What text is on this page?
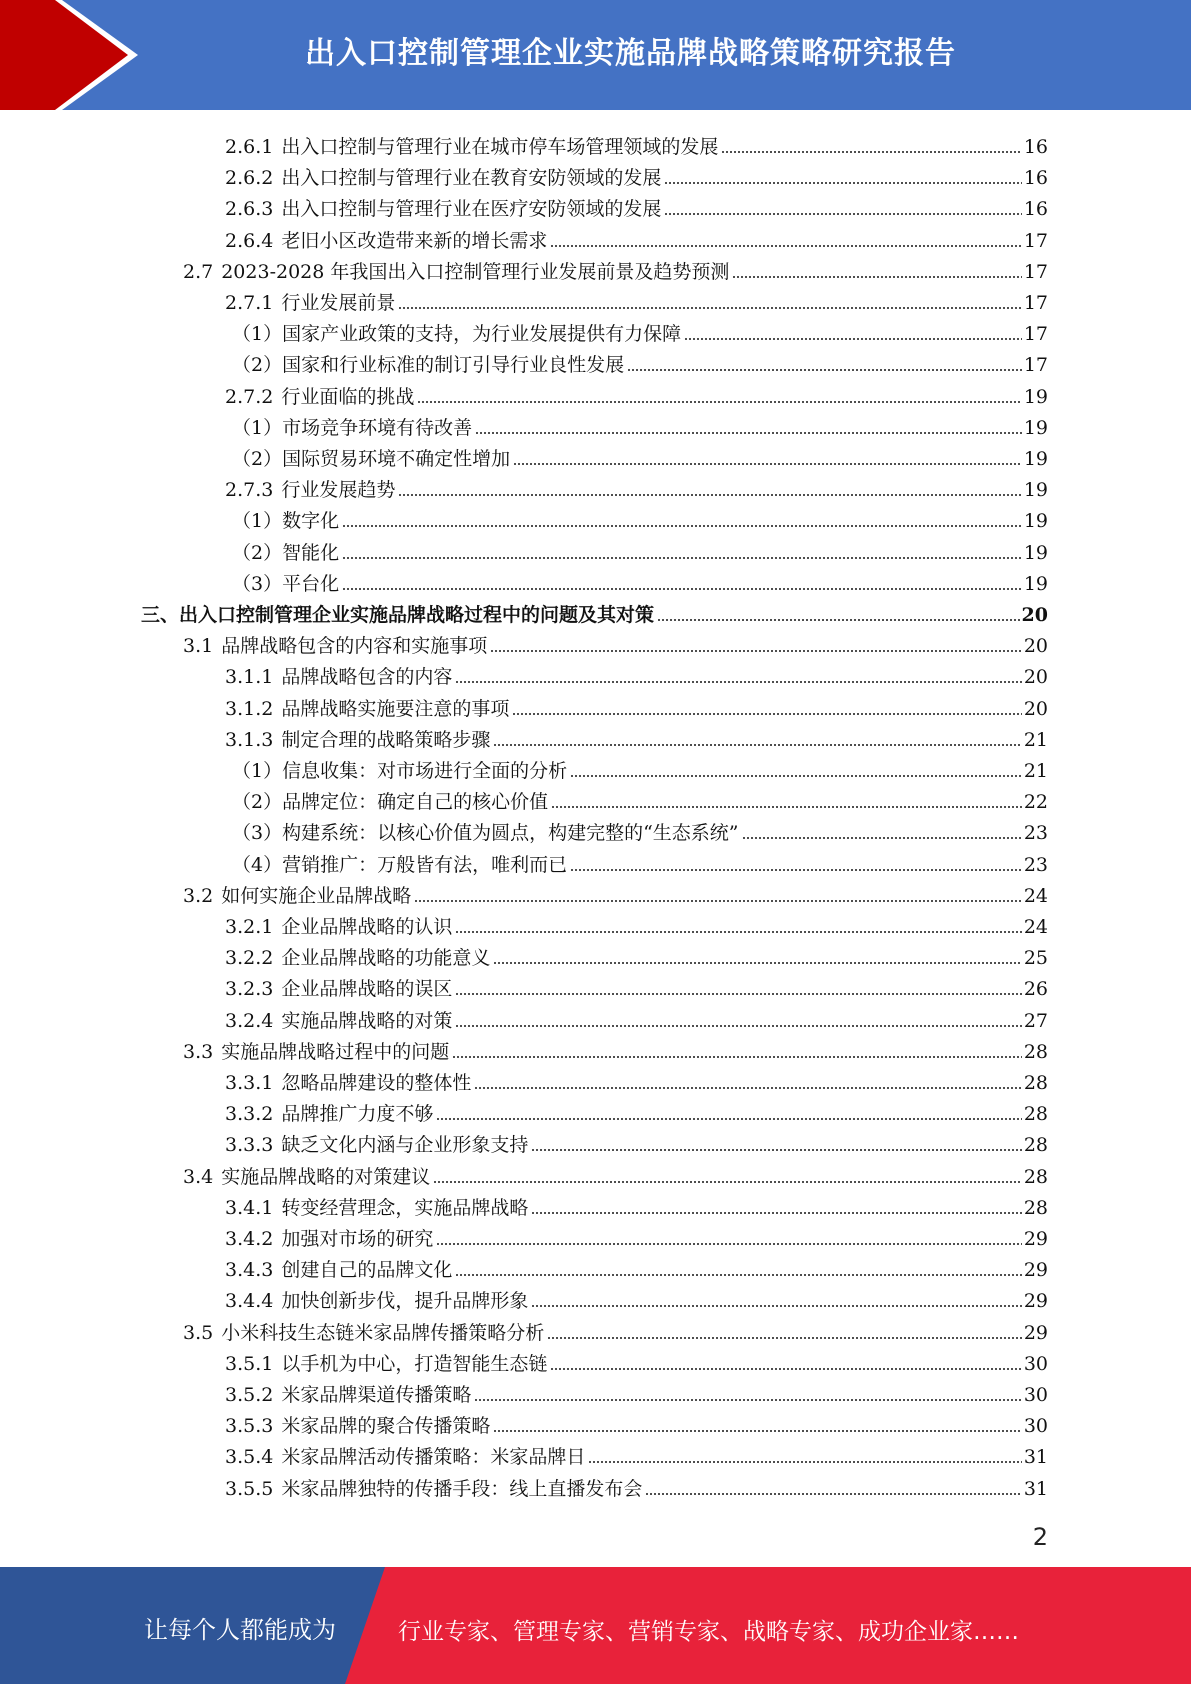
出入口控制管理企业实施品牌战略策略研究报告
2.6.1 出入口控制与管理行业在城市停车场管理领域的发展	16
2.6.2 出入口控制与管理行业在教育安防领域的发展	16
2.6.3 出入口控制与管理行业在医疗安防领域的发展	16
2.6.4 老旧小区改造带来新的增长需求	17
2.7 2023-2028 年我国出入口控制管理行业发展前景及趋势预测	17
2.7.1 行业发展前景	17
（1） 国家产业政策的支持，为行业发展提供有力保障	17
（2） 国家和行业标准的制订引导行业良性发展	17
2.7.2 行业面临的挑战	19
（1） 市场竞争环境有待改善	19
（2） 国际贸易环境不确定性增加	19
2.7.3 行业发展趋势	19
（1） 数字化	19
（2） 智能化	19
（3） 平台化	19
三、 出入口控制管理企业实施品牌战略过程中的问题及其对策	20
3.1 品牌战略包含的内容和实施事项	20
3.1.1 品牌战略包含的内容	20
3.1.2 品牌战略实施要注意的事项	20
3.1.3 制定合理的战略策略步骤	21
（1） 信息收集：对市场进行全面的分析	21
（2） 品牌定位：确定自己的核心价值	22
（3） 构建系统：以核心价值为圆点，构建完整的“生态系统”	23
（4） 营销推广：万般皆有法，唯利而已	23
3.2 如何实施企业品牌战略	24
3.2.1 企业品牌战略的认识	24
3.2.2 企业品牌战略的功能意义	25
3.2.3 企业品牌战略的误区	26
3.2.4 实施品牌战略的对策	27
3.3 实施品牌战略过程中的问题	28
3.3.1 忽略品牌建设的整体性	28
3.3.2 品牌推广力度不够	28
3.3.3 缺乏文化内涵与企业形象支持	28
3.4 实施品牌战略的对策建议	28
3.4.1 转变经营理念，实施品牌战略	28
3.4.2 加强对市场的研究	29
3.4.3 创建自己的品牌文化	29
3.4.4 加快创新步伐，提升品牌形象	29
3.5 小米科技生态链米家品牌传播策略分析	29
3.5.1 以手机为中心，打造智能生态链	30
3.5.2 米家品牌渠道传播策略	30
3.5.3 米家品牌的聚合传播策略	30
3.5.4 米家品牌活动传播策略：米家品牌日	31
3.5.5 米家品牌独特的传播手段：线上直播发布会	31
2
让每个人都能成为	行业专家、管理专家、营销专家、战略专家、成功企业家……
